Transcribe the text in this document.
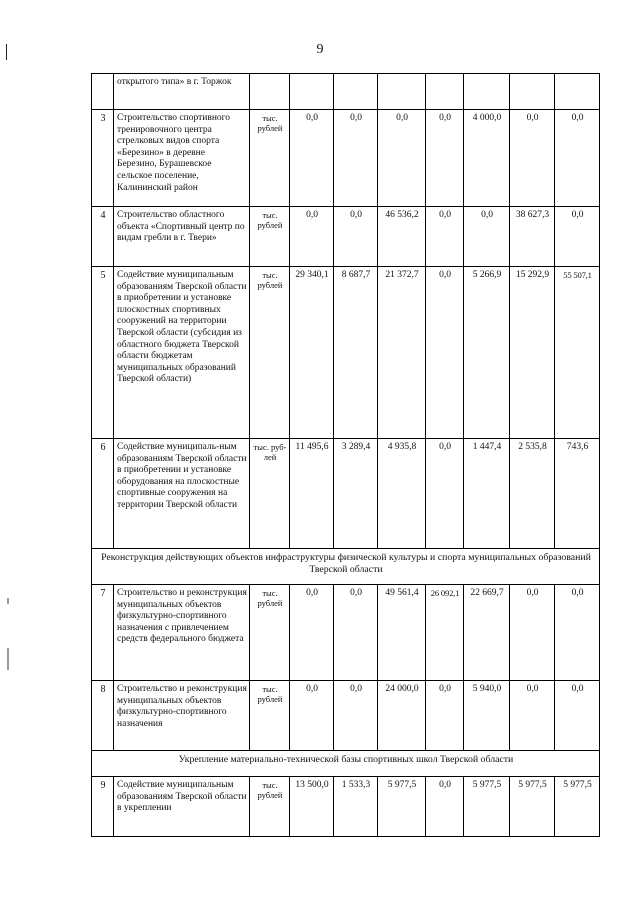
9
	открытого типа» в г. Торжок								
3	Строительство спортивного тренировочного центра стрелковых видов спорта «Березино» в деревне Березино, Бурашевское сельское поселение, Калининский район	тыс. рублей	0,0	0,0	0,0	0,0	4 000,0	0,0	0,0
4	Строительство областного объекта «Спортивный центр по видам гребли в г. Твери»	тыс. рублей	0,0	0,0	46 536,2	0,0	0,0	38 627,3	0,0
5	Содействие муниципальным образованиям Тверской области в приобретении и установке плоскостных спортивных сооружений на территории Тверской области (субсидия из областного бюджета Тверской области бюджетам муниципальных образований Тверской области)	тыс. рублей	29 340,1	8 687,7	21 372,7	0,0	5 266,9	15 292,9	55 507,1
6	Содействие муниципаль-ным образованиям Тверской области в приобретении и установке оборудования на плоскостные спортивные сооружения на территории Тверской области	тыс. руб-лей	11 495,6	3 289,4	4 935,8	0,0	1 447,4	2 535,8	743,6
Реконструкция действующих объектов инфраструктуры физической культуры и спорта муниципальных образований Тверской области									
7	Строительство и реконструкция муниципальных объектов физкультурно-спортивного назначения с привлечением средств федерального бюджета	тыс. рублей	0,0	0,0	49 561,4	26 092,1	22 669,7	0,0	0,0
8	Строительство и реконструкция муниципальных объектов физкультурно-спортивного назначения	тыс. рублей	0,0	0,0	24 000,0	0,0	5 940,0	0,0	0,0
Укрепление материально-технической базы спортивных школ Тверской области									
9	Содействие муниципальным образованиям Тверской области в укреплении	тыс. рублей	13 500,0	1 533,3	5 977,5	0,0	5 977,5	5 977,5	5 977,5
